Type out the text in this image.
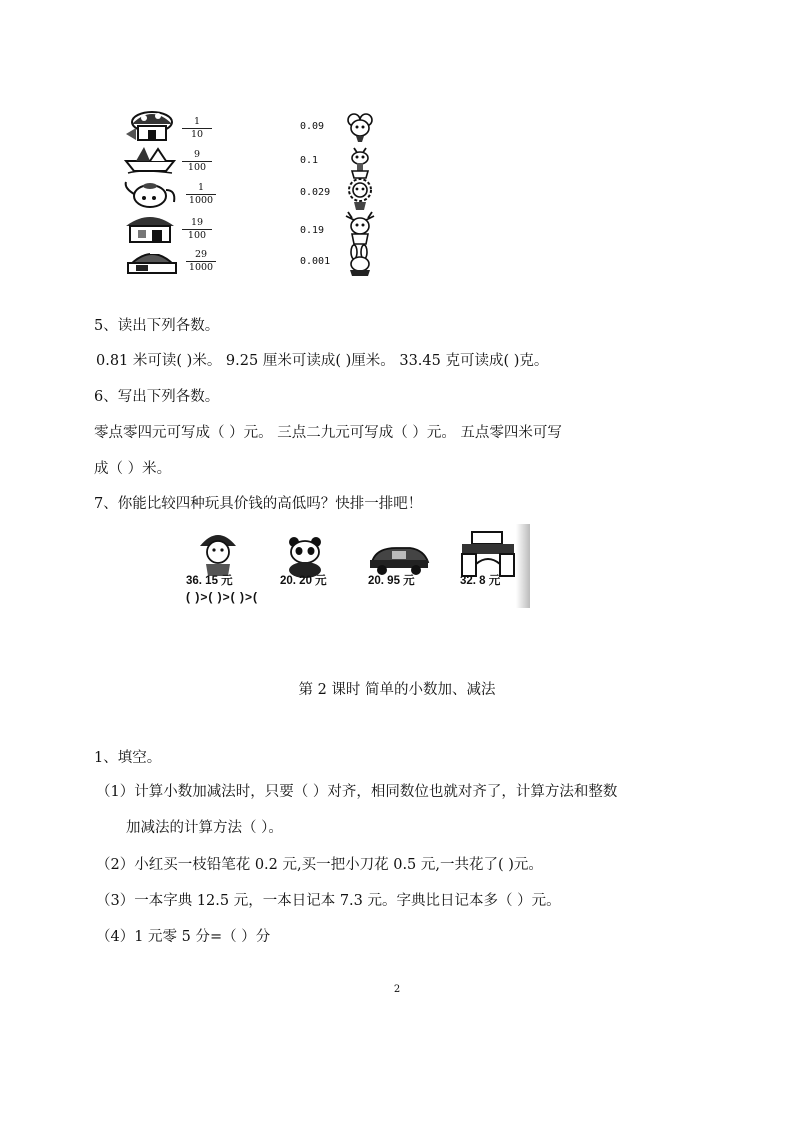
$\frac{1}{10}$
$\frac{9}{100}$
$\frac{1}{1000}$
$\frac{19}{100}$
$\frac{29}{1000}$
0.09
0.1
0.029
0.19
0.001
5、读出下列各数。
0.81 米可读( )米。 9.25 厘米可读成( )厘米。 33.45 克可读成( )克。
6、写出下列各数。
零点零四元可写成（ ）元。 三点二九元可写成（ ）元。 五点零四米可写
成（ ）米。
7、你能比较四种玩具价钱的高低吗？快排一排吧！
36. 15 元	20. 20 元	20. 95 元	32. 8 元
( )>( )>( )>(
第 2 课时 简单的小数加、减法
1、填空。
（1）计算小数加减法时，只要（ ）对齐，相同数位也就对齐了，计算方法和整数
加减法的计算方法（ ）。
（2）小红买一枝铅笔花 0.2 元,买一把小刀花 0.5 元,一共花了( )元。
（3）一本字典 12.5 元，一本日记本 7.3 元。字典比日记本多（ ）元。
（4）1 元零 5 分=（ ）分
2
